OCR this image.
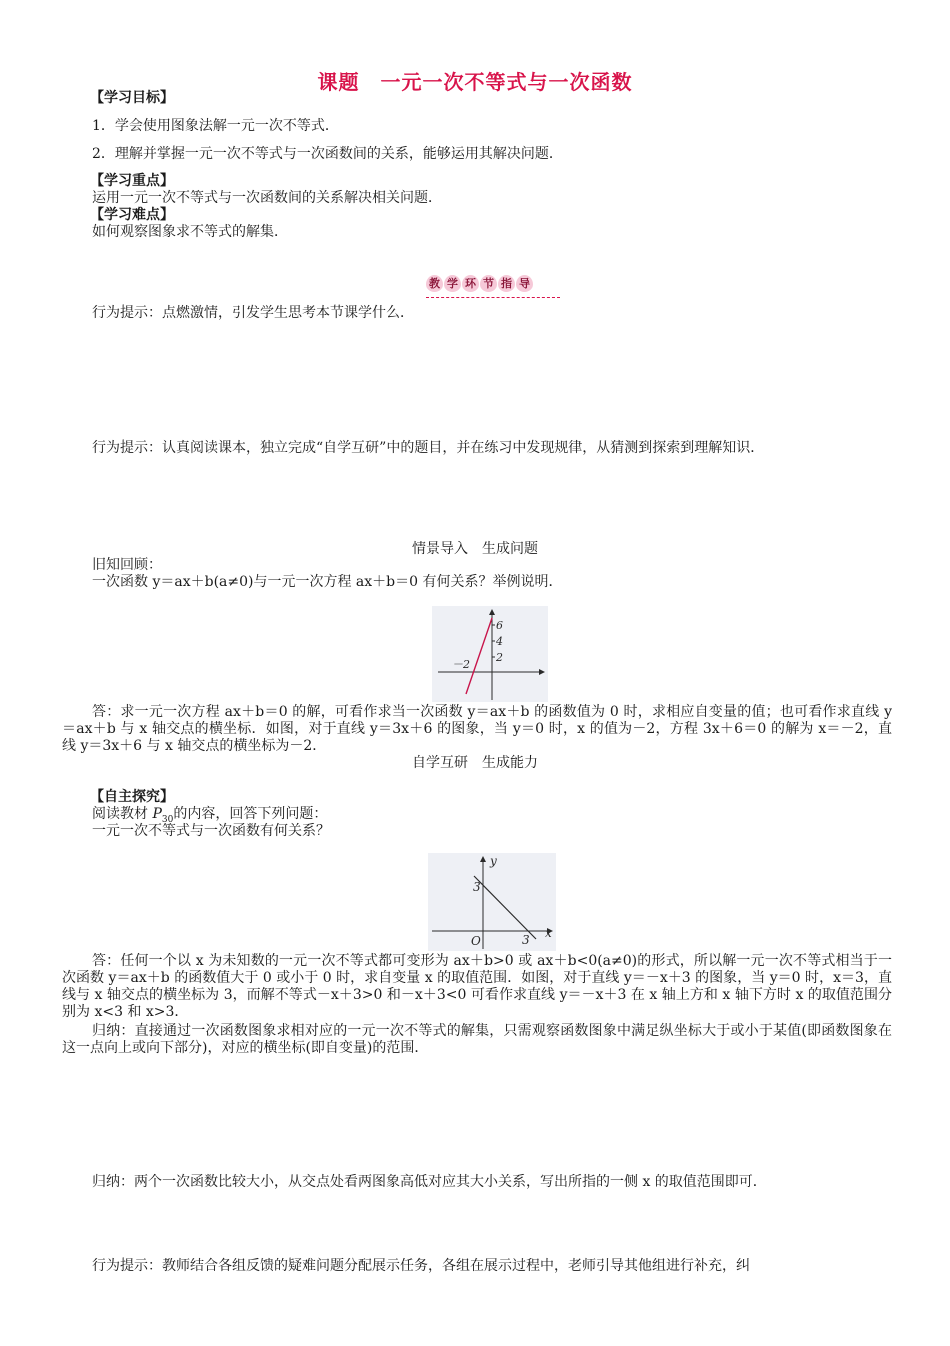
课题　一元一次不等式与一次函数
【学习目标】
1．学会使用图象法解一元一次不等式．
2．理解并掌握一元一次不等式与一次函数间的关系，能够运用其解决问题．
【学习重点】
运用一元一次不等式与一次函数间的关系解决相关问题．
【学习难点】
如何观察图象求不等式的解集．
教 学 环 节 指 导
行为提示：点燃激情，引发学生思考本节课学什么．
行为提示：认真阅读课本，独立完成“自学互研”中的题目，并在练习中发现规律，从猜测到探索到理解知识．
情景导入　生成问题
旧知回顾：
一次函数 y＝ax＋b(a≠0)与一元一次方程 ax＋b＝0 有何关系？举例说明．
6
4
2
－2
答：求一元一次方程 ax＋b＝0 的解，可看作求当一次函数 y＝ax＋b 的函数值为 0 时，求相应自变量的值；也可看作求直线 y＝ax＋b 与 x 轴交点的横坐标．如图，对于直线 y＝3x＋6 的图象，当 y＝0 时，x 的值为－2，方程 3x＋6＝0 的解为 x＝－2，直线 y＝3x＋6 与 x 轴交点的横坐标为－2．
自学互研　生成能力
【自主探究】
阅读教材 $P_{30}$的内容，回答下列问题：
一元一次不等式与一次函数有何关系？
y
x
O
3
3
答：任何一个以 x 为未知数的一元一次不等式都可变形为 ax＋b>0 或 ax＋b<0(a≠0)的形式，所以解一元一次不等式相当于一次函数 y＝ax＋b 的函数值大于 0 或小于 0 时，求自变量 x 的取值范围．如图，对于直线 y＝－x＋3 的图象，当 y＝0 时，x＝3，直线与 x 轴交点的横坐标为 3，而解不等式－x＋3>0 和－x＋3<0 可看作求直线 y＝－x＋3 在 x 轴上方和 x 轴下方时 x 的取值范围分别为 x<3 和 x>3．
归纳：直接通过一次函数图象求相对应的一元一次不等式的解集，只需观察函数图象中满足纵坐标大于或小于某值(即函数图象在这一点向上或向下部分)，对应的横坐标(即自变量)的范围．
归纳：两个一次函数比较大小，从交点处看两图象高低对应其大小关系，写出所指的一侧 x 的取值范围即可．
行为提示：教师结合各组反馈的疑难问题分配展示任务，各组在展示过程中，老师引导其他组进行补充，纠
